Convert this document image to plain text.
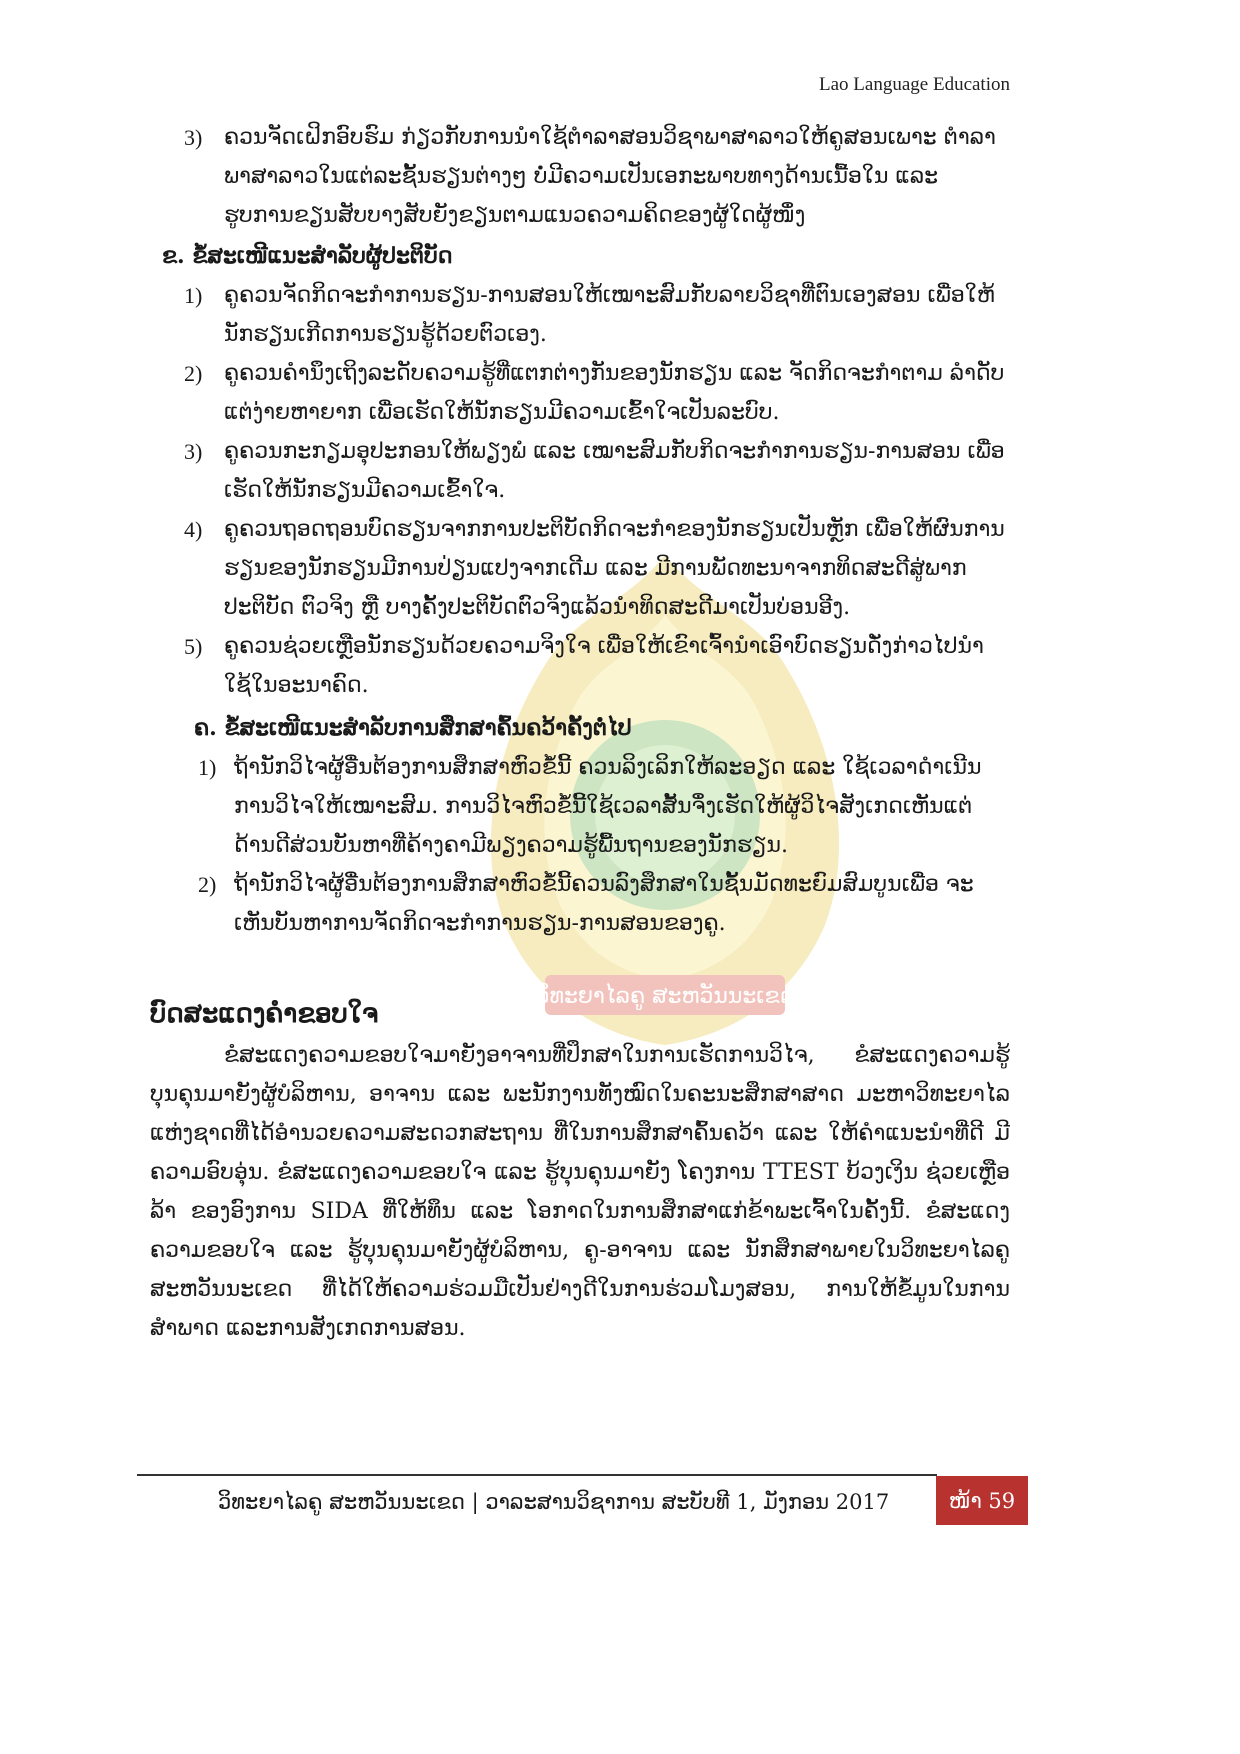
Lao Language Education
ວິທະຍາໄລຄູ ສະຫວັນນະເຂດ

3) ຄວນຈັດເຝິກອົບຮົມ ກ່ຽວກັບການນຳໃຊ້ຕຳລາສອນວິຊາພາສາລາວໃຫ້ຄູສອນເພາະ ຕຳລາພາສາລາວໃນແຕ່ລະຊັ້ນຮຽນຕ່າງໆ ບໍ່ມີຄວາມເປັນເອກະພາບທາງດ້ານເນື້ອໃນ ແລະ ຮູບການຂຽນສັບບາງສັບຍັງຂຽນຕາມແນວຄວາມຄິດຂອງຜູ້ໃດຜູ້ໜຶ່ງ

ຂ. ຂໍ້ສະເໜີແນະສຳລັບຜູ້ປະຕິບັດ

1) ຄູຄວນຈັດກິດຈະກຳການຮຽນ-ການສອນໃຫ້ເໝາະສົມກັບລາຍວິຊາທີ່ຕົນເອງສອນ ເພື່ອໃຫ້ນັກຮຽນເກີດການຮຽນຮູ້ດ້ວຍຕົວເອງ.

2) ຄູຄວນຄຳນຶງເຖິງລະດັບຄວາມຮູ້ທີ່ແຕກຕ່າງກັນຂອງນັກຮຽນ ແລະ ຈັດກິດຈະກຳຕາມ ລຳດັບແຕ່ງ່າຍຫາຍາກ ເພື່ອເຮັດໃຫ້ນັກຮຽນມີຄວາມເຂົ້າໃຈເປັນລະບົບ.

3) ຄູຄວນກະກຽມອຸປະກອນໃຫ້ພຽງພໍ ແລະ ເໝາະສົມກັບກິດຈະກຳການຮຽນ-ການສອນ ເພື່ອເຮັດໃຫ້ນັກຮຽນມີຄວາມເຂົ້າໃຈ.

4) ຄູຄວນຖອດຖອນບົດຮຽນຈາກການປະຕິບັດກິດຈະກຳຂອງນັກຮຽນເປັນຫຼັກ ເພື່ອໃຫ້ຜົນການຮຽນຂອງນັກຮຽນມີການປ່ຽນແປງຈາກເດີມ ແລະ ມີການພັດທະນາຈາກທິດສະດີສູ່ພາກປະຕິບັດ ຕົວຈິງ ຫຼື ບາງຄັ້ງປະຕິບັດຕົວຈິງແລ້ວນຳທິດສະດີມາເປັນບ່ອນອີງ.

5) ຄູຄວນຊ່ວຍເຫຼືອນັກຮຽນດ້ວຍຄວາມຈິງໃຈ ເພື່ອໃຫ້ເຂົາເຈົ້ານຳເອົາບົດຮຽນດັ່ງກ່າວໄປນຳໃຊ້ໃນອະນາຄົດ.

ຄ. ຂໍ້ສະເໜີແນະສຳລັບການສຶກສາຄົ້ນຄວ້າຄັ້ງຕໍ່ໄປ

1) ຖ້ານັກວິໄຈຜູ້ອື່ນຕ້ອງການສຶກສາຫົວຂໍ້ນີ້ ຄວນລິງເລິກໃຫ້ລະອຽດ ແລະ ໃຊ້ເວລາດຳເນີນການວິໄຈໃຫ້ເໝາະສົມ. ການວິໄຈຫົວຂໍ້ນີ້ໃຊ້ເວລາສັ້ນຈຶ່ງເຮັດໃຫ້ຜູ້ວິໄຈສັງເກດເຫັນແຕ່ດ້ານດີສ່ວນບັນຫາທີ່ຄ້າງຄາມີພຽງຄວາມຮູ້ພື້ນຖານຂອງນັກຮຽນ.

2) ຖ້ານັກວິໄຈຜູ້ອື່ນຕ້ອງການສຶກສາຫົວຂໍ້ນີ້ຄວນລົງສຶກສາໃນຊັ້ນມັດທະຍົມສົມບູນເພື່ອ ຈະເຫັນບັນຫາການຈັດກິດຈະກຳການຮຽນ-ການສອນຂອງຄູ.

ບົດສະແດງຄຳຂອບໃຈ

ຂໍສະແດງຄວາມຂອບໃຈມາຍັງອາຈານທີ່ປຶກສາໃນການເຮັດການວິໄຈ, ຂໍສະແດງຄວາມຮູ້ບຸນຄຸນມາຍັງຜູ້ບໍລິຫານ, ອາຈານ ແລະ ພະນັກງານທັງໝົດໃນຄະນະສຶກສາສາດ ມະຫາວິທະຍາໄລແຫ່ງຊາດທີ່ໄດ້ອຳນວຍຄວາມສະດວກສະຖານ ທີ່ໃນການສຶກສາຄົ້ນຄວ້າ ແລະ ໃຫ້ຄຳແນະນຳທີ່ດີ ມີຄວາມອົບອຸ່ນ. ຂໍສະແດງຄວາມຂອບໃຈ ແລະ ຮູ້ບຸນຄຸນມາຍັງ ໂຄງການ TTEST ບ້ວງເງິນ ຊ່ວຍເຫຼືອລ້າ ຂອງອົງການ SIDA ທີ່ໃຫ້ທຶນ ແລະ ໂອກາດໃນການສຶກສາແກ່ຂ້າພະເຈົ້າໃນຄັ້ງນີ້. ຂໍສະແດງຄວາມຂອບໃຈ ແລະ ຮູ້ບຸນຄຸນມາຍັງຜູ້ບໍລິຫານ, ຄູ-ອາຈານ ແລະ ນັກສຶກສາພາຍໃນວິທະຍາໄລຄູສະຫວັນນະເຂດ ທີ່ໄດ້ໃຫ້ຄວາມຮ່ວມມືເປັນຢ່າງດີໃນການຮ່ວມໂມງສອນ, ການໃຫ້ຂໍ້ມູນໃນການສຳພາດ ແລະການສັງເກດການສອນ.

ວິທະຍາໄລຄູ ສະຫວັນນະເຂດ | ວາລະສານວິຊາການ ສະບັບທີ 1, ມັງກອນ 2017	ໜ້າ 59
